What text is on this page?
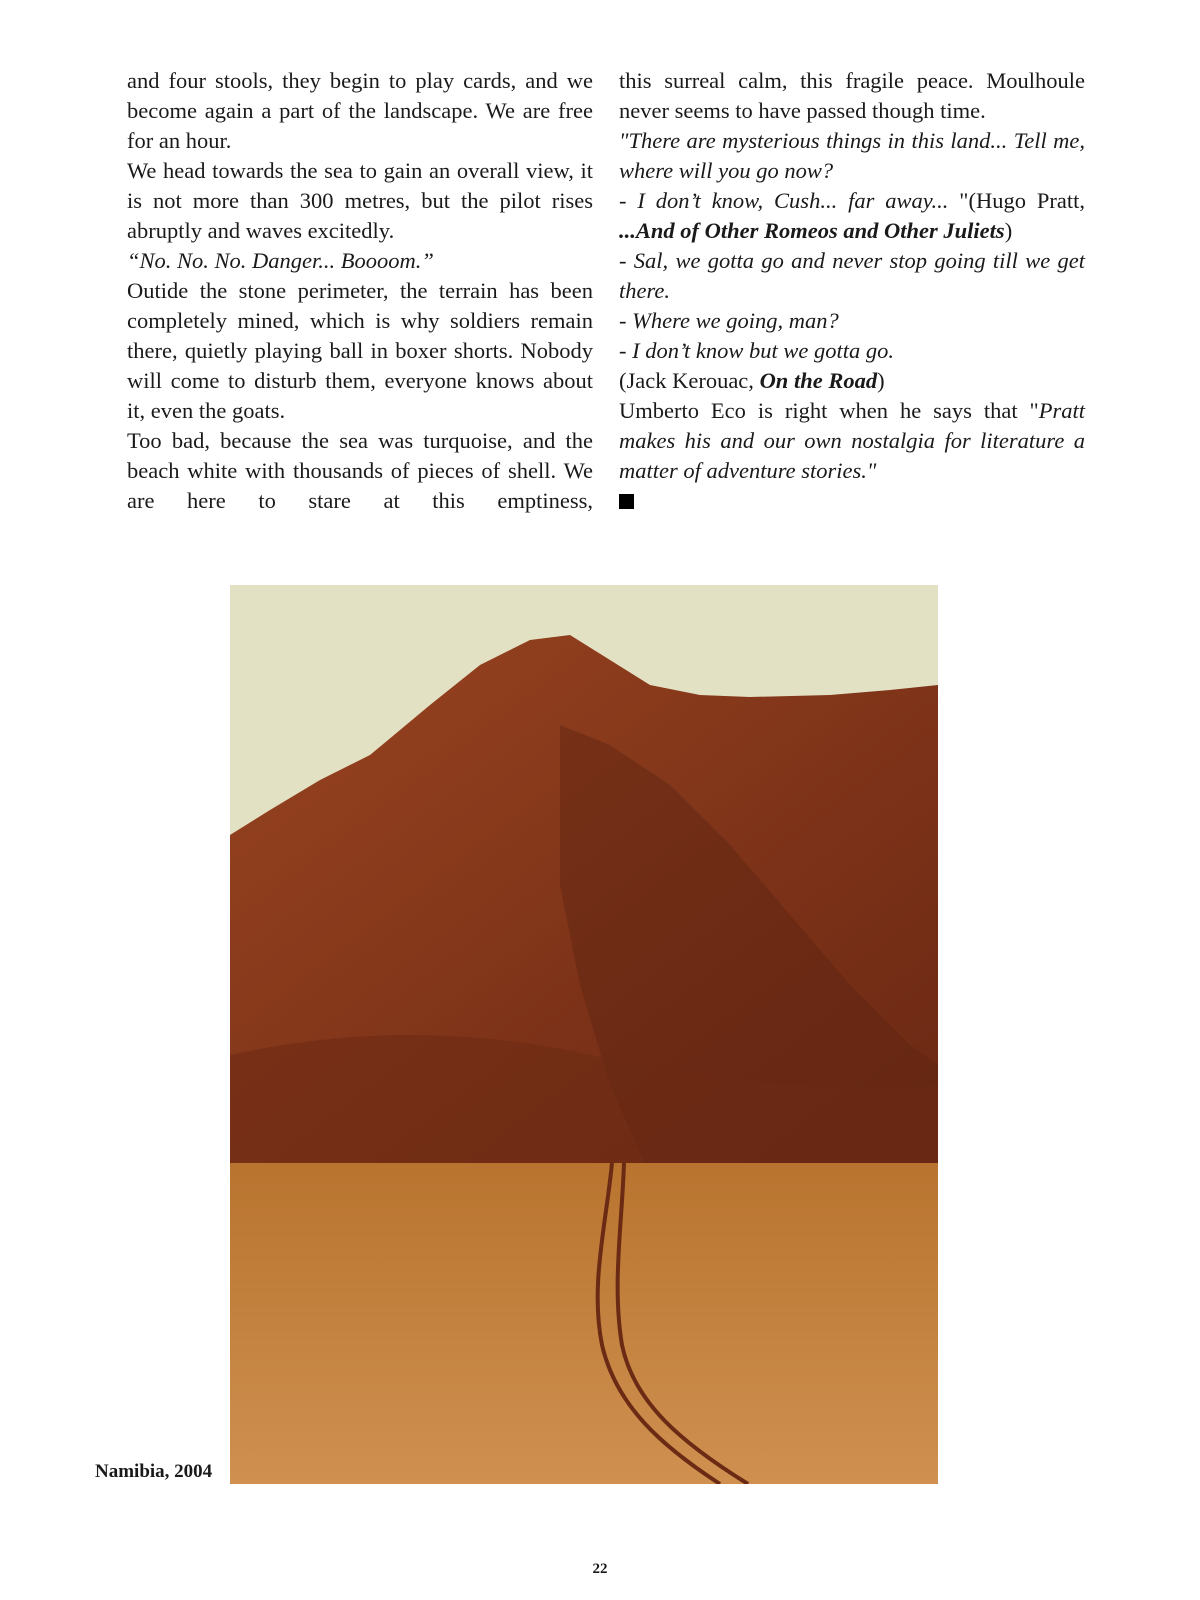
and four stools, they begin to play cards, and we become again a part of the landscape. We are free for an hour.

We head towards the sea to gain an overall view, it is not more than 300 metres, but the pilot rises abruptly and waves excitedly.

“No. No. No. Danger... Boooom.”

Outide the stone perimeter, the terrain has been completely mined, which is why soldiers remain there, quietly playing ball in boxer shorts. Nobody will come to disturb them, everyone knows about it, even the goats.

Too bad, because the sea was turquoise, and the beach white with thousands of pieces of shell. We are here to stare at this emptiness,

this surreal calm, this fragile peace. Moulhoule never seems to have passed though time.

"There are mysterious things in this land... Tell me, where will you go now?

- I don’t know, Cush... far away... "(Hugo Pratt, ...And of Other Romeos and Other Juliets)

- Sal, we gotta go and never stop going till we get there.

- Where we going, man?

- I don’t know but we gotta go.

(Jack Kerouac, On the Road)

Umberto Eco is right when he says that "Pratt makes his and our own nostalgia for literature a matter of adventure stories."

Namibia, 2004
22
